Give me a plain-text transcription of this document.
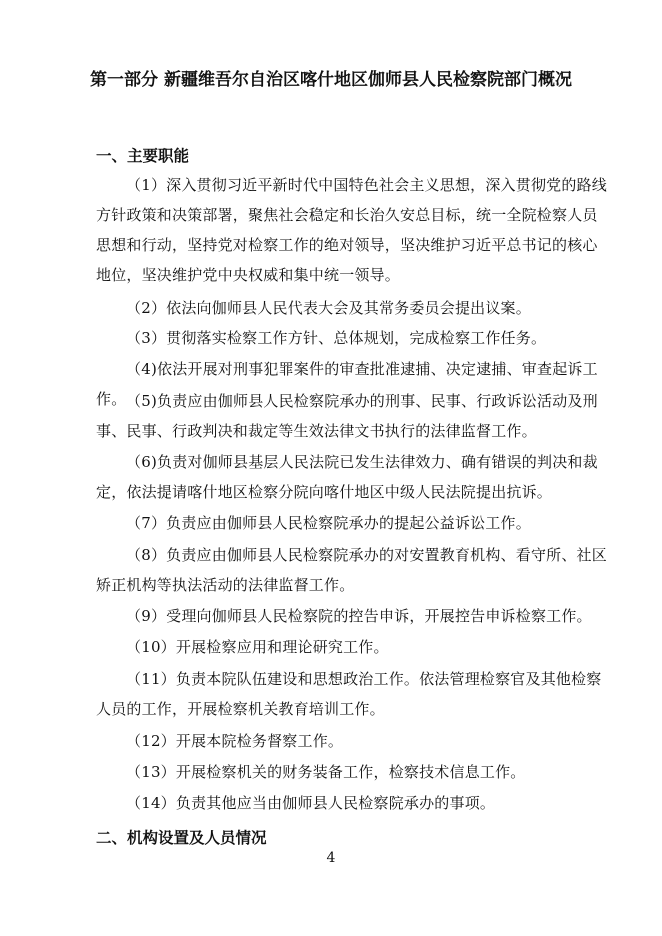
第一部分 新疆维吾尔自治区喀什地区伽师县人民检察院部门概况
一、主要职能
（1）深入贯彻习近平新时代中国特色社会主义思想，深入贯彻党的路线方针政策和决策部署，聚焦社会稳定和长治久安总目标，统一全院检察人员思想和行动，坚持党对检察工作的绝对领导，坚决维护习近平总书记的核心地位，坚决维护党中央权威和集中统一领导。
（2）依法向伽师县人民代表大会及其常务委员会提出议案。
（3）贯彻落实检察工作方针、总体规划，完成检察工作任务。
（4)依法开展对刑事犯罪案件的审查批准逮捕、决定逮捕、审查起诉工作。 （5)负责应由伽师县人民检察院承办的刑事、民事、行政诉讼活动及刑事、民事、行政判决和裁定等生效法律文书执行的法律监督工作。
（6)负责对伽师县基层人民法院已发生法律效力、确有错误的判决和裁定，依法提请喀什地区检察分院向喀什地区中级人民法院提出抗诉。
（7）负责应由伽师县人民检察院承办的提起公益诉讼工作。
（8）负责应由伽师县人民检察院承办的对安置教育机构、看守所、社区矫正机构等执法活动的法律监督工作。
（9）受理向伽师县人民检察院的控告申诉，开展控告申诉检察工作。
（10）开展检察应用和理论研究工作。
（11）负责本院队伍建设和思想政治工作。依法管理检察官及其他检察人员的工作，开展检察机关教育培训工作。
（12）开展本院检务督察工作。
（13）开展检察机关的财务装备工作，检察技术信息工作。
（14）负责其他应当由伽师县人民检察院承办的事项。
二、机构设置及人员情况
4
